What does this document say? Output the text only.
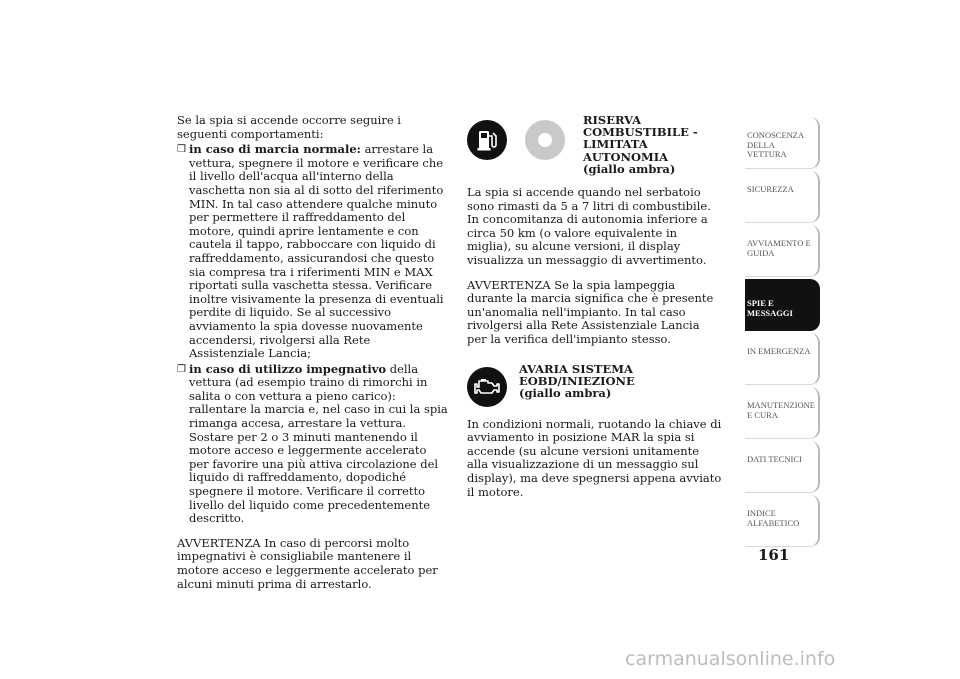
Se la spia si accende occorre seguire i seguenti comportamenti:

❒ in caso di marcia normale: arrestare la vettura, spegnere il motore e verificare che il livello dell'acqua all'interno della vaschetta non sia al di sotto del riferimento MIN. In tal caso attendere qualche minuto per permettere il raffreddamento del motore, quindi aprire lentamente e con cautela il tappo, rabboccare con liquido di raffreddamento, assicurandosi che questo sia compresa tra i riferimenti MIN e MAX riportati sulla vaschetta stessa. Verificare inoltre visivamente la presenza di eventuali perdite di liquido. Se al successivo avviamento la spia dovesse nuovamente accendersi, rivolgersi alla Rete Assistenziale Lancia;
❒ in caso di utilizzo impegnativo della vettura (ad esempio traino di rimorchi in salita o con vettura a pieno carico): rallentare la marcia e, nel caso in cui la spia rimanga accesa, arrestare la vettura. Sostare per 2 o 3 minuti mantenendo il motore acceso e leggermente accelerato per favorire una più attiva circolazione del liquido di raffreddamento, dopodiché spegnere il motore. Verificare il corretto livello del liquido come precedentemente descritto.

AVVERTENZA In caso di percorsi molto impegnativi è consigliabile mantenere il motore acceso e leggermente accelerato per alcuni minuti prima di arrestarlo.

RISERVA COMBUSTIBILE - LIMITATA AUTONOMIA
(giallo ambra)

La spia si accende quando nel serbatoio sono rimasti da 5 a 7 litri di combustibile. In concomitanza di autonomia inferiore a circa 50 km (o valore equivalente in miglia), su alcune versioni, il display visualizza un messaggio di avvertimento.

AVVERTENZA Se la spia lampeggia durante la marcia significa che è presente un'anomalia nell'impianto. In tal caso rivolgersi alla Rete Assistenziale Lancia per la verifica dell'impianto stesso.

AVARIA SISTEMA EOBD/INIEZIONE
(giallo ambra)

In condizioni normali, ruotando la chiave di avviamento in posizione MAR la spia si accende (su alcune versioni unitamente alla visualizzazione di un messaggio sul display), ma deve spegnersi appena avviato il motore.

CONOSCENZA DELLA VETTURA
SICUREZZA
AVVIAMENTO E GUIDA
SPIE E MESSAGGI
IN EMERGENZA
MANUTENZIONE E CURA
DATI TECNICI
INDICE ALFABETICO
161
carmanualsonline.info
